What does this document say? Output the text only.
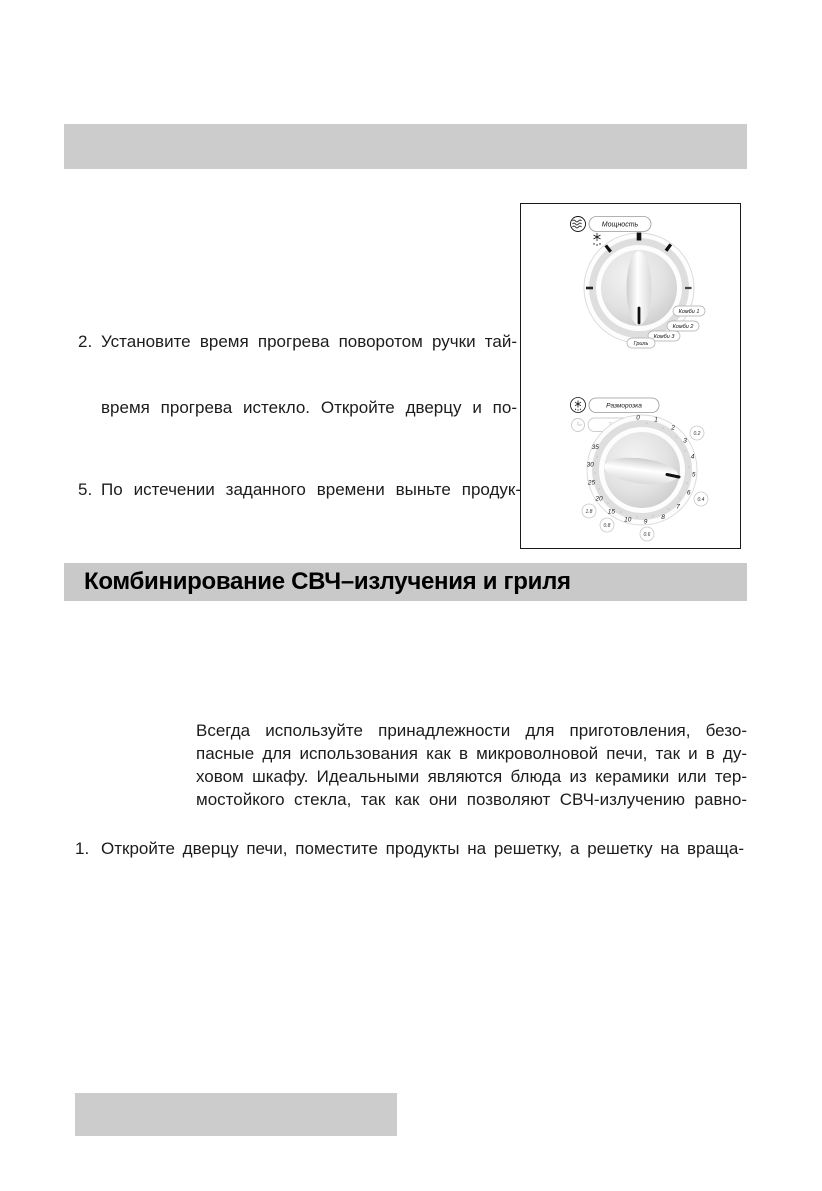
Мощность
Комби 1
Комби 2
Комби 3
Гриль
Разморозка
0 1
2
3
4
5
6
7
8
9
10
15
20
25
30
35
0.2
0.4
0.6
0.8
1.8
2. Установите время прогрева поворотом ручки тай-
время прогрева истекло. Откройте дверцу и по-
5. По истечении заданного времени выньте продук-
Комбинирование СВЧ–излучения и гриля
Всегда используйте принадлежности для приготовления, безо-
пасные для использования как в микроволновой печи, так и в ду-
ховом шкафу. Идеальными являются блюда из керамики или тер-
мостойкого стекла, так как они позволяют СВЧ-излучению равно-
1. Откройте дверцу печи, поместите продукты на решетку, а решетку на враща-
